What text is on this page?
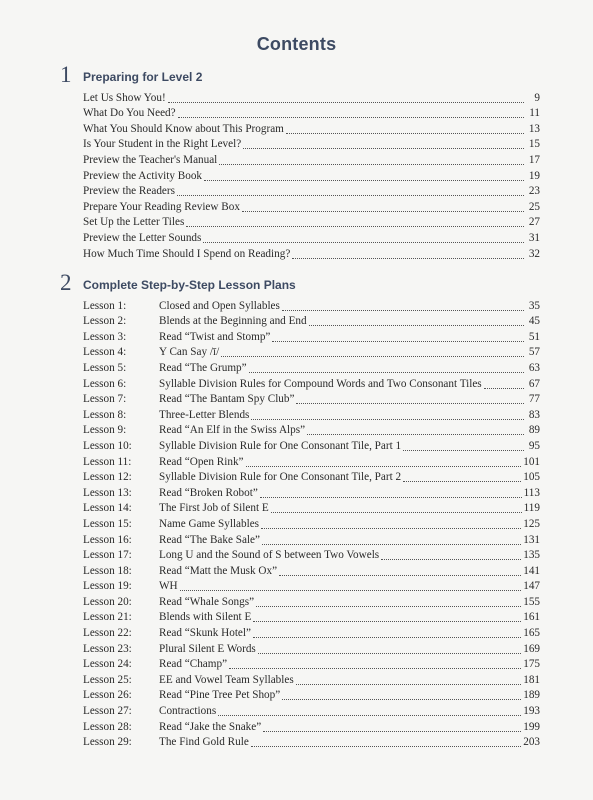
Contents
1 Preparing for Level 2
Let Us Show You!	9
What Do You Need?	11
What You Should Know about This Program	13
Is Your Student in the Right Level?	15
Preview the Teacher's Manual	17
Preview the Activity Book	19
Preview the Readers	23
Prepare Your Reading Review Box	25
Set Up the Letter Tiles	27
Preview the Letter Sounds	31
How Much Time Should I Spend on Reading?	32
2 Complete Step-by-Step Lesson Plans
Lesson 1:	Closed and Open Syllables	35
Lesson 2:	Blends at the Beginning and End	45
Lesson 3:	Read “Twist and Stomp”	51
Lesson 4:	Y Can Say /ī/	57
Lesson 5:	Read “The Grump”	63
Lesson 6:	Syllable Division Rules for Compound Words and Two Consonant Tiles	67
Lesson 7:	Read “The Bantam Spy Club”	77
Lesson 8:	Three-Letter Blends	83
Lesson 9:	Read “An Elf in the Swiss Alps”	89
Lesson 10:	Syllable Division Rule for One Consonant Tile, Part 1	95
Lesson 11:	Read “Open Rink”	101
Lesson 12:	Syllable Division Rule for One Consonant Tile, Part 2	105
Lesson 13:	Read “Broken Robot”	113
Lesson 14:	The First Job of Silent E	119
Lesson 15:	Name Game Syllables	125
Lesson 16:	Read “The Bake Sale”	131
Lesson 17:	Long U and the Sound of S between Two Vowels	135
Lesson 18:	Read “Matt the Musk Ox”	141
Lesson 19:	WH	147
Lesson 20:	Read “Whale Songs”	155
Lesson 21:	Blends with Silent E	161
Lesson 22:	Read “Skunk Hotel”	165
Lesson 23:	Plural Silent E Words	169
Lesson 24:	Read “Champ”	175
Lesson 25:	EE and Vowel Team Syllables	181
Lesson 26:	Read “Pine Tree Pet Shop”	189
Lesson 27:	Contractions	193
Lesson 28:	Read “Jake the Snake”	199
Lesson 29:	The Find Gold Rule	203
